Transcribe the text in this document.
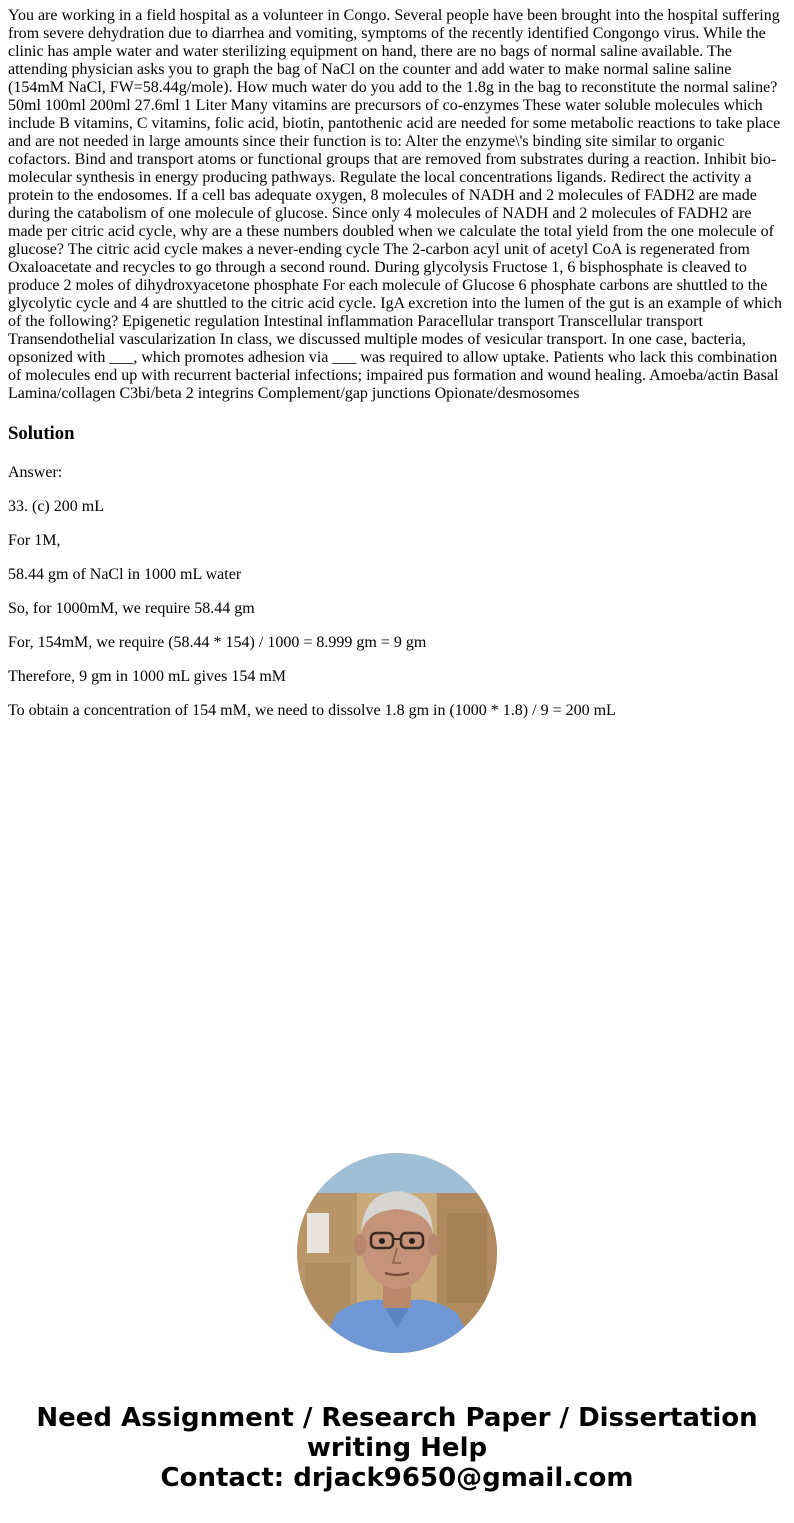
You are working in a field hospital as a volunteer in Congo. Several people have been brought into the hospital suffering from severe dehydration due to diarrhea and vomiting, symptoms of the recently identified Congongo virus. While the clinic has ample water and water sterilizing equipment on hand, there are no bags of normal saline available. The attending physician asks you to graph the bag of NaCl on the counter and add water to make normal saline saline (154mM NaCl, FW=58.44g/mole). How much water do you add to the 1.8g in the bag to reconstitute the normal saline? 50ml 100ml 200ml 27.6ml 1 Liter Many vitamins are precursors of co-enzymes These water soluble molecules which include B vitamins, C vitamins, folic acid, biotin, pantothenic acid are needed for some metabolic reactions to take place and are not needed in large amounts since their function is to: Alter the enzyme\'s binding site similar to organic cofactors. Bind and transport atoms or functional groups that are removed from substrates during a reaction. Inhibit bio-molecular synthesis in energy producing pathways. Regulate the local concentrations ligands. Redirect the activity a protein to the endosomes. If a cell bas adequate oxygen, 8 molecules of NADH and 2 molecules of FADH2 are made during the catabolism of one molecule of glucose. Since only 4 molecules of NADH and 2 molecules of FADH2 are made per citric acid cycle, why are a these numbers doubled when we calculate the total yield from the one molecule of glucose? The citric acid cycle makes a never-ending cycle The 2-carbon acyl unit of acetyl CoA is regenerated from Oxaloacetate and recycles to go through a second round. During glycolysis Fructose 1, 6 bisphosphate is cleaved to produce 2 moles of dihydroxyacetone phosphate For each molecule of Glucose 6 phosphate carbons are shuttled to the glycolytic cycle and 4 are shuttled to the citric acid cycle. IgA excretion into the lumen of the gut is an example of which of the following? Epigenetic regulation Intestinal inflammation Paracellular transport Transcellular transport Transendothelial vascularization In class, we discussed multiple modes of vesicular transport. In one case, bacteria, opsonized with ___, which promotes adhesion via ___ was required to allow uptake. Patients who lack this combination of molecules end up with recurrent bacterial infections; impaired pus formation and wound healing. Amoeba/actin Basal Lamina/collagen C3bi/beta 2 integrins Complement/gap junctions Opionate/desmosomes

Solution

Answer:

33. (c) 200 mL

For 1M,

58.44 gm of NaCl in 1000 mL water

So, for 1000mM, we require 58.44 gm

For, 154mM, we require (58.44 * 154) / 1000 = 8.999 gm = 9 gm

Therefore, 9 gm in 1000 mL gives 154 mM

To obtain a concentration of 154 mM, we need to dissolve 1.8 gm in (1000 * 1.8) / 9 = 200 mL

Need Assignment / Research Paper / Dissertation
writing Help
Contact: drjack9650@gmail.com
